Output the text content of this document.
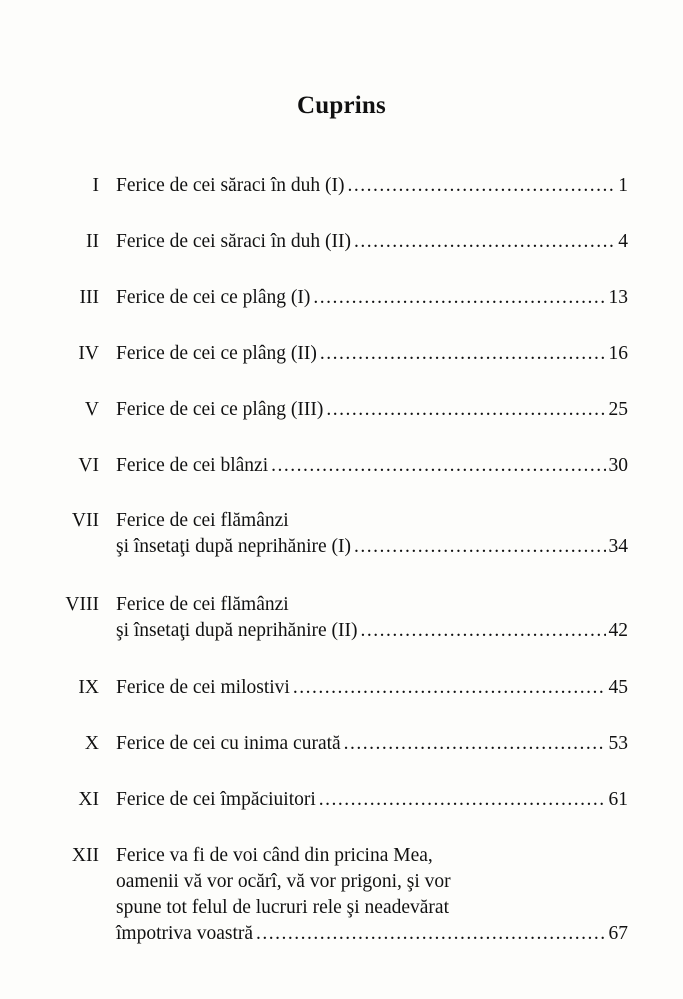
Cuprins
I Ferice de cei săraci în duh (I) .....	1
II Ferice de cei săraci în duh (II) .....	4
III Ferice de cei ce plâng (I) .....	13
IV Ferice de cei ce plâng (II) .....	16
V Ferice de cei ce plâng (III) .....	25
VI Ferice de cei blânzi .....	30
VII Ferice de cei flămânzi
şi însetaţi după neprihănire (I) .....	34
VIII Ferice de cei flămânzi
şi însetaţi după neprihănire (II) .....	42
IX Ferice de cei milostivi .....	45
X Ferice de cei cu inima curată .....	53
XI Ferice de cei împăciuitori .....	61
XII Ferice va fi de voi când din pricina Mea,
oamenii vă vor ocărî, vă vor prigoni, şi vor
spune tot felul de lucruri rele şi neadevărat
împotriva voastră .....	67
